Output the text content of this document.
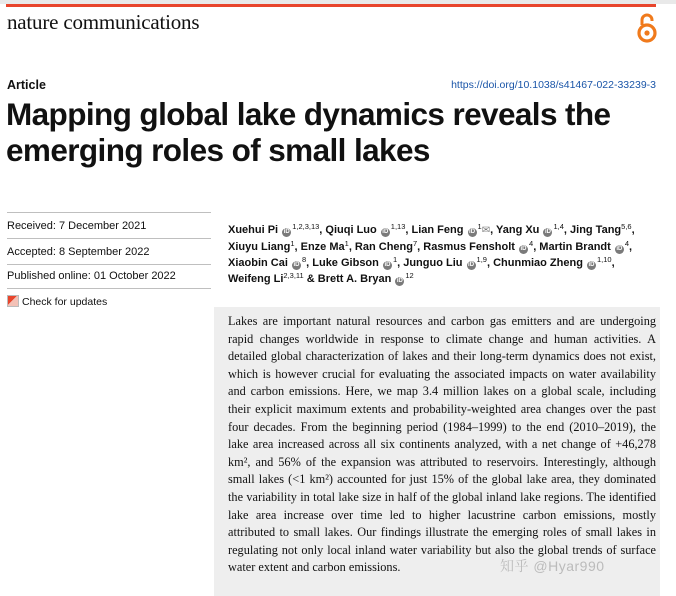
nature communications
Article	https://doi.org/10.1038/s41467-022-33239-3
Mapping global lake dynamics reveals the emerging roles of small lakes
Received: 7 December 2021
Accepted: 8 September 2022
Published online: 01 October 2022
Check for updates
Xuehui Pi iD$^{1,2,3,13}$, Qiuqi Luo iD$^{1,13}$, Lian Feng $iD^1✉$, Yang Xu iD$^{1,4}$, Jing Tang$^{5,6}$,
Xiuyu Liang$^1$, Enze Ma$^1$, Ran Cheng$^7$, Rasmus Fensholt $iD^4$, Martin Brandt $iD^4$,
Xiaobin Cai $iD^8$, Luke Gibson $iD^1$, Junguo Liu iD$^{1,9}$, Chunmiao Zheng iD$^{1,10}$,
Weifeng Li$^{2,3,11}$ & Brett A. Bryan $iD^{12}$

Lakes are important natural resources and carbon gas emitters and are undergoing rapid changes worldwide in response to climate change and human activities. A detailed global characterization of lakes and their long-term dynamics does not exist, which is however crucial for evaluating the associated impacts on water availability and carbon emissions. Here, we map 3.4 million lakes on a global scale, including their explicit maximum extents and probability-weighted area changes over the past four decades. From the beginning period (1984–1999) to the end (2010–2019), the lake area increased across all six continents analyzed, with a net change of +46,278 km², and 56% of the expansion was attributed to reservoirs. Interestingly, although small lakes (<1 km²) accounted for just 15% of the global lake area, they dominated the variability in total lake size in half of the global inland lake regions. The identified lake area increase over time led to higher lacustrine carbon emissions, mostly attributed to small lakes. Our findings illustrate the emerging roles of small lakes in regulating not only local inland water variability but also the global trends of surface water extent and carbon emissions.	知乎 @Hyar990
